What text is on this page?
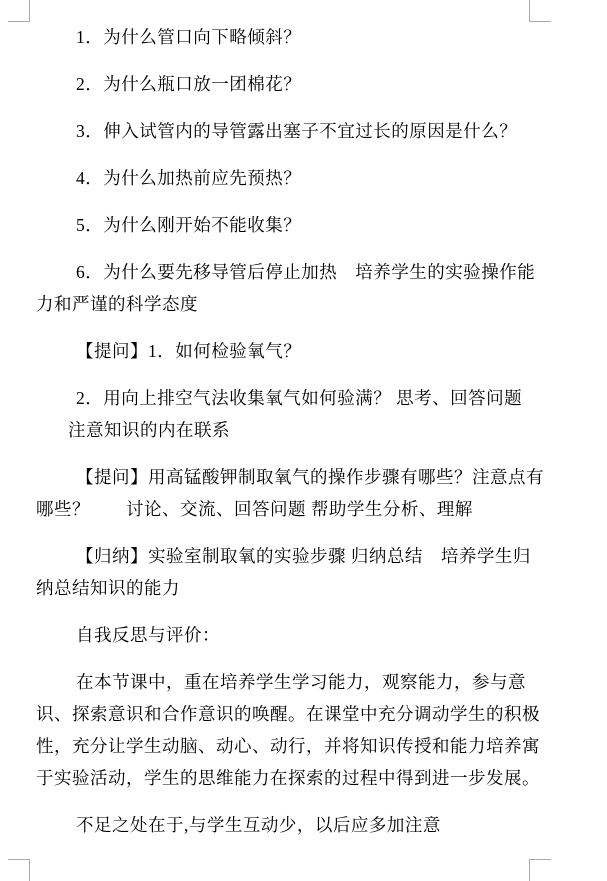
1．为什么管口向下略倾斜？
2．为什么瓶口放一团棉花？
3．伸入试管内的导管露出塞子不宜过长的原因是什么？
4．为什么加热前应先预热？
5．为什么刚开始不能收集？
6．为什么要先移导管后停止加热　培养学生的实验操作能
力和严谨的科学态度
【提问】1．如何检验氧气？
2．用向上排空气法收集氧气如何验满？ 思考、回答问题
注意知识的内在联系
【提问】用高锰酸钾制取氧气的操作步骤有哪些？注意点有
哪些？　　讨论、交流、回答问题 帮助学生分析、理解
【归纳】实验室制取氧的实验步骤 归纳总结　培养学生归
纳总结知识的能力
自我反思与评价：
在本节课中，重在培养学生学习能力，观察能力，参与意
识、探索意识和合作意识的唤醒。在课堂中充分调动学生的积极
性，充分让学生动脑、动心、动行，并将知识传授和能力培养寓
于实验活动，学生的思维能力在探索的过程中得到进一步发展。
不足之处在于,与学生互动少，以后应多加注意
